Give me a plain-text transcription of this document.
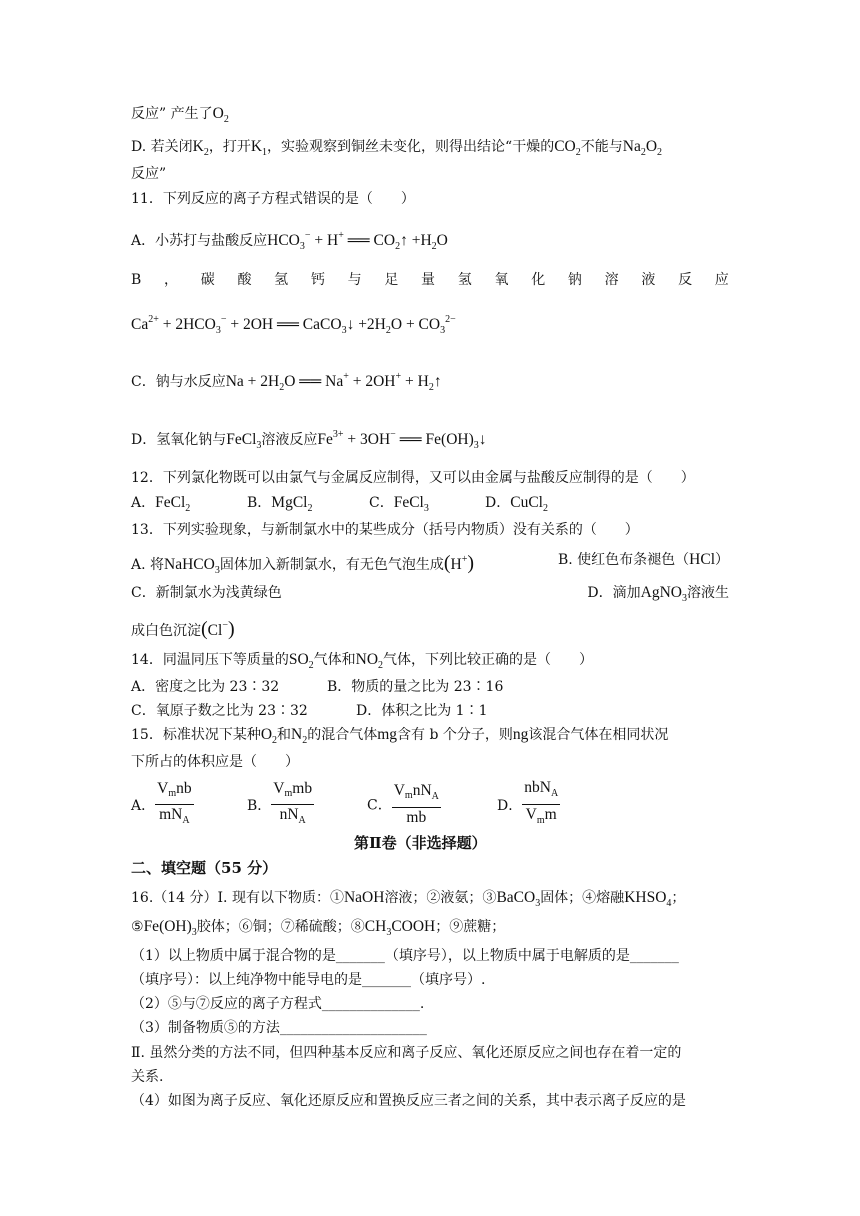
反应” 产生了$O_2$
D. 若关闭$K_2$，打开$K_1$，实验观察到铜丝未变化，则得出结论“干燥的$CO_2$不能与$Na_2O_2$
反应”
11．下列反应的离子方程式错误的是（　　）
A．小苏打与盐酸反应$HCO_3^- + H^+$ ══ $CO_2↑ +H_2O$
B ， 碳 酸 氢 钙 与 足 量 氢 氧 化 钠 溶 液 反 应
$Ca^{2+} + 2HCO_3^- + 2OH$ ══ CaCO$_3$↓ $+2H_2O + CO_3^{2-}$
C．钠与水反应$Na + 2H_2O$ ══ $Na^+ + 2OH^+ + H_2↑$
D．氢氧化钠与FeCl$_3$溶液反应$Fe^{3+} + 3OH^-$ ══ $Fe(OH)_3↓$
12．下列氯化物既可以由氯气与金属反应制得，又可以由金属与盐酸反应制得的是（　　）
A．FeCl$_2$	B．MgCl$_2$	C．FeCl$_3$	D．CuCl$_2$
13．下列实验现象，与新制氯水中的某些成分（括号内物质）没有关系的（　　）
A. 将NaHCO$_3$固体加入新制氯水，有无色气泡生成(H+)	B. 使红色布条褪色（HCl）
C．新制氯水为浅黄绿色	D．滴加AgNO$_3$溶液生
成白色沉淀(Cl−)
14．同温同压下等质量的$SO_2$气体和$NO_2$气体，下列比较正确的是（　　）
A．密度之比为 23∶32	B．物质的量之比为 23∶16
C．氧原子数之比为 23∶32	D．体积之比为 1∶1
15．标准状况下某种$O_2$和$N_2$的混合气体mg含有 b 个分子，则ng该混合气体在相同状况
下所占的体积应是（　　）
A． $\frac{V_mnb}{mN_A}$	B． $\frac{V_mmb}{nN_A}$	C． $\frac{V_mnN_A}{mb}$	D． $\frac{nbN_A}{V_mm}$
第Ⅱ卷（非选择题）
二、填空题（55 分）
16.（14 分）Ⅰ. 现有以下物质：①NaOH溶液；②液氨；③BaCO$_3$固体；④熔融$KHSO_4$；
$⑤Fe(OH)_3$胶体；⑥铜；⑦稀硫酸；$⑧CH_3COOH$；⑨蔗糖；
（1）以上物质中属于混合物的是_______（填序号），以上物质中属于电解质的是_______
（填序号）：以上纯净物中能导电的是_______（填序号）.
（2）⑤与⑦反应的离子方程式______________.
（3）制备物质⑤的方法_____________________
Ⅱ. 虽然分类的方法不同，但四种基本反应和离子反应、氧化还原反应之间也存在着一定的
关系.
（4）如图为离子反应、氧化还原反应和置换反应三者之间的关系，其中表示离子反应的是
